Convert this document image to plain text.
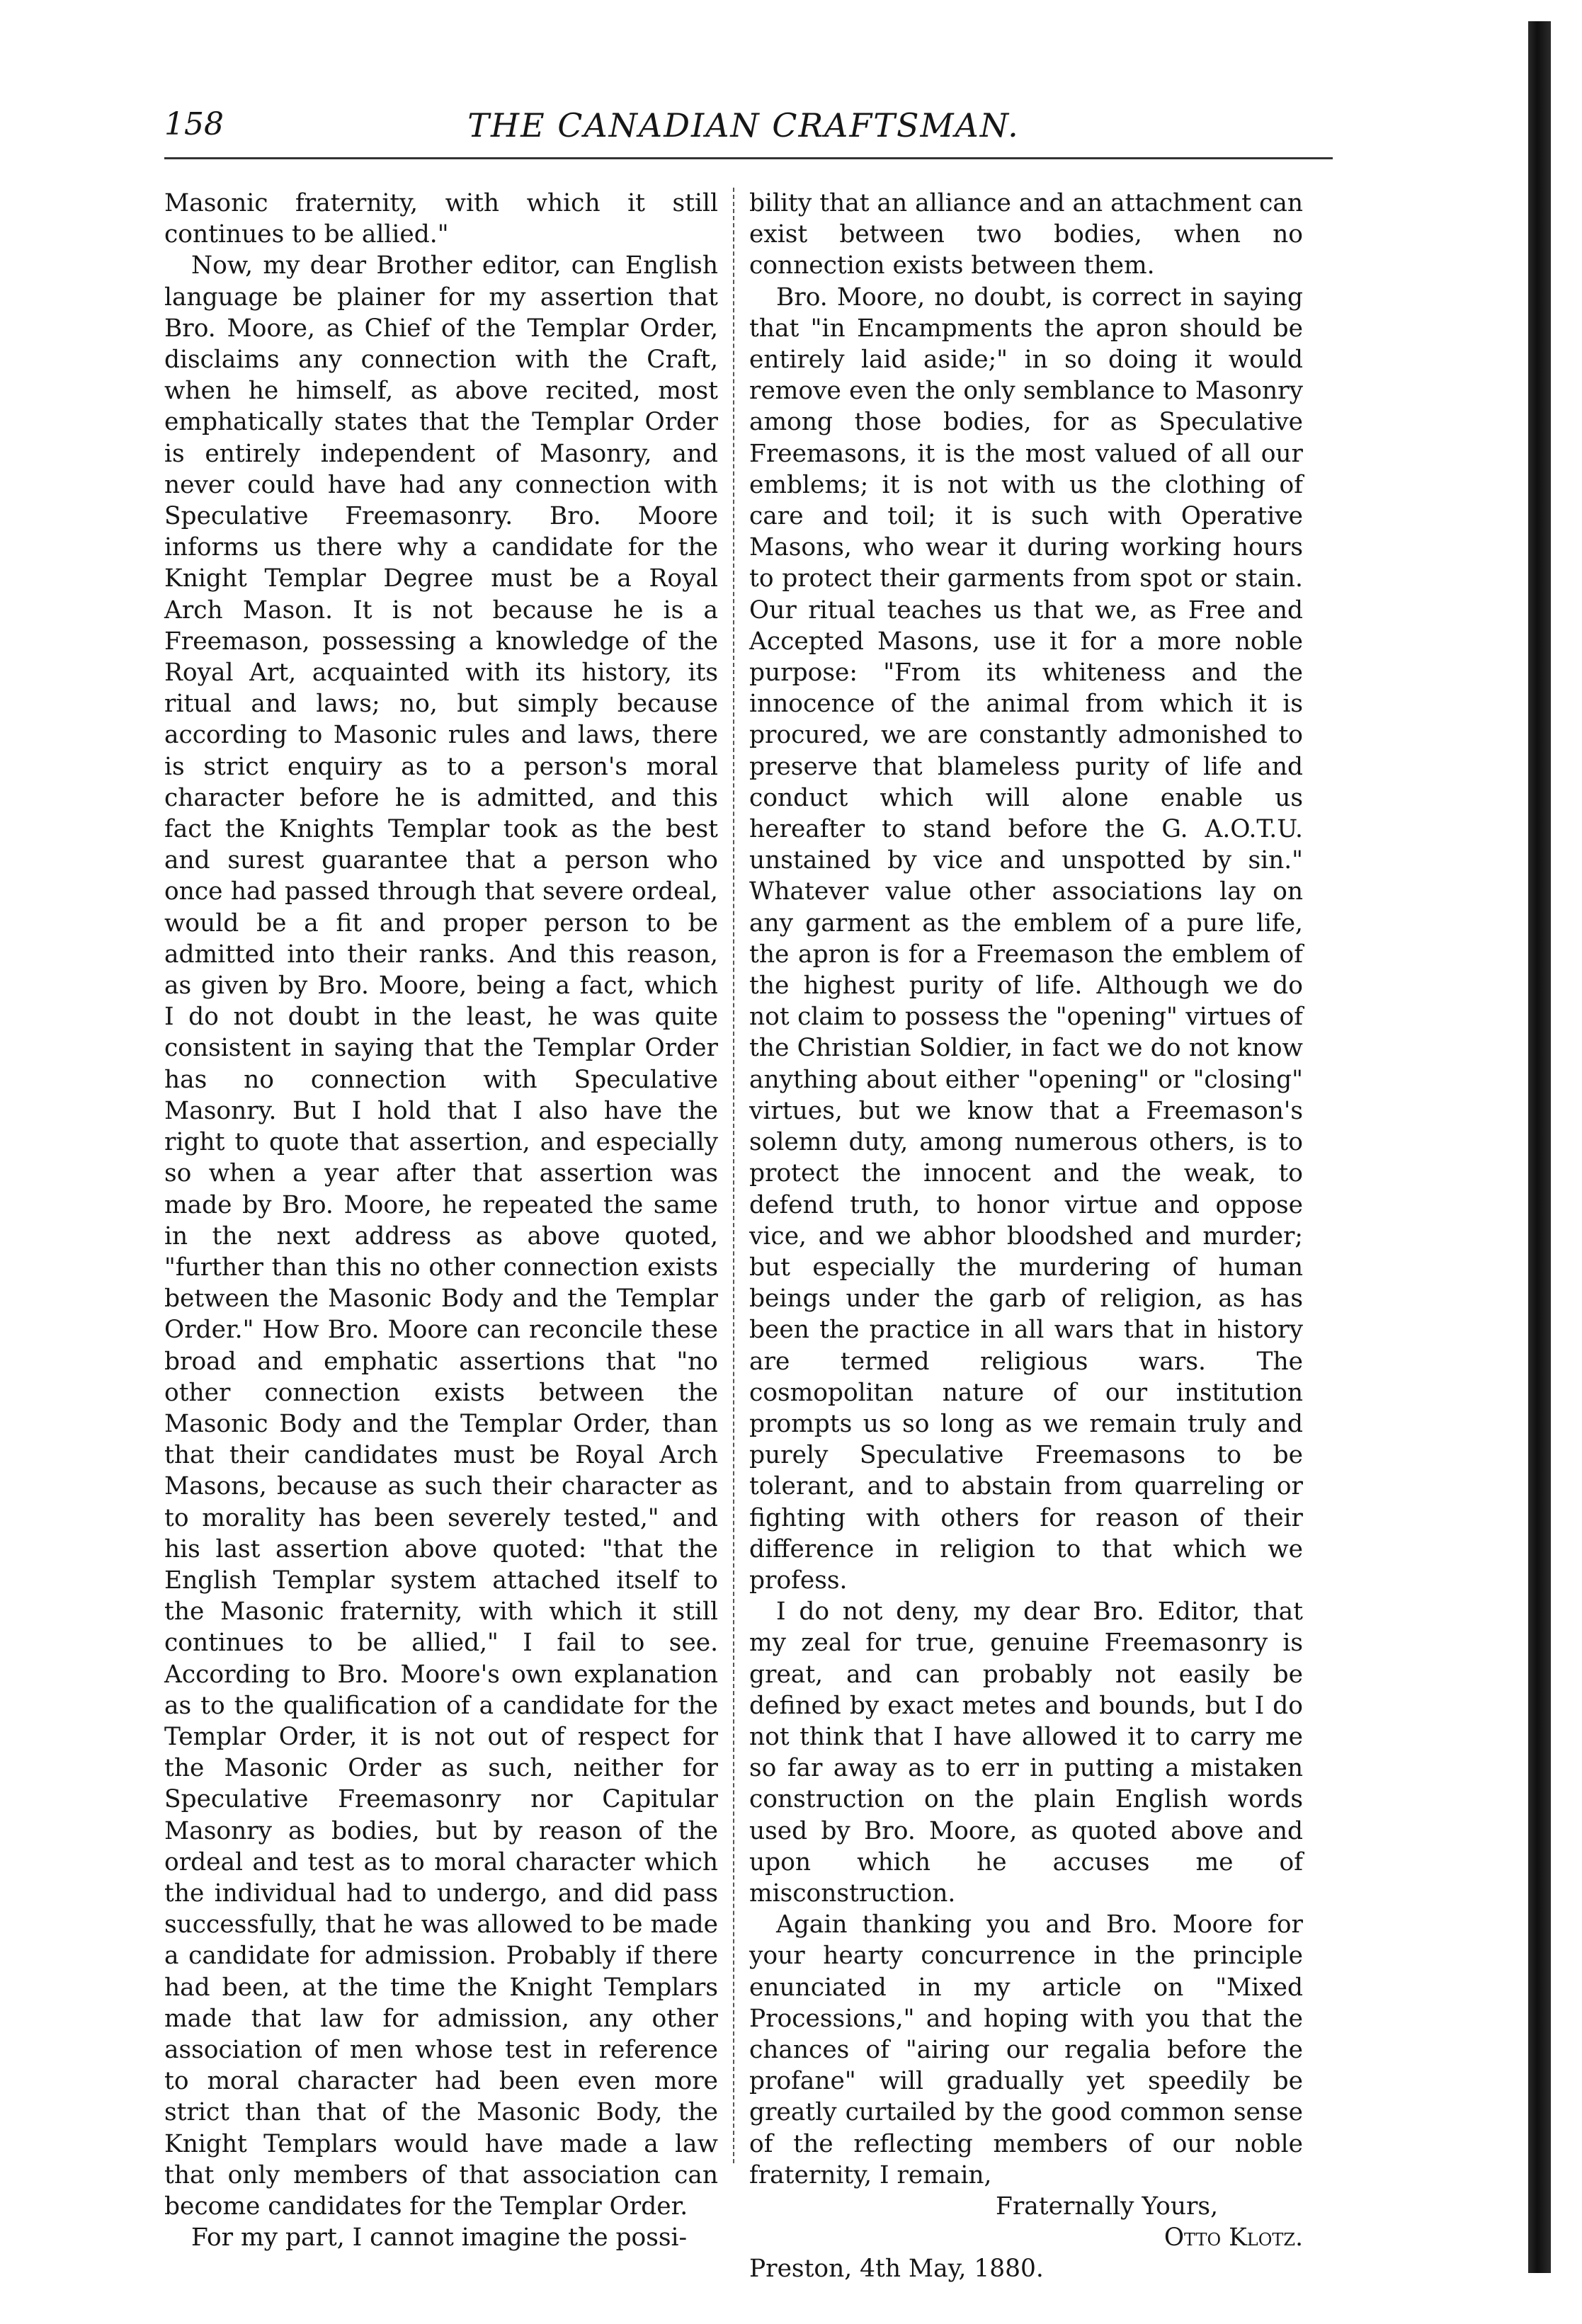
158	THE CANADIAN CRAFTSMAN.

Masonic fraternity, with which it still continues to be allied."

Now, my dear Brother editor, can English language be plainer for my assertion that Bro. Moore, as Chief of the Templar Order, disclaims any connection with the Craft, when he himself, as above recited, most emphatically states that the Templar Order is entirely independent of Masonry, and never could have had any connection with Speculative Freemasonry. Bro. Moore informs us there why a candidate for the Knight Templar Degree must be a Royal Arch Mason. It is not because he is a Freemason, possessing a knowledge of the Royal Art, acquainted with its history, its ritual and laws; no, but simply because according to Masonic rules and laws, there is strict enquiry as to a person's moral character before he is admitted, and this fact the Knights Templar took as the best and surest guarantee that a person who once had passed through that severe ordeal, would be a fit and proper person to be admitted into their ranks. And this reason, as given by Bro. Moore, being a fact, which I do not doubt in the least, he was quite consistent in saying that the Templar Order has no connection with Speculative Masonry. But I hold that I also have the right to quote that assertion, and especially so when a year after that assertion was made by Bro. Moore, he repeated the same in the next address as above quoted, "further than this no other connection exists between the Masonic Body and the Templar Order." How Bro. Moore can reconcile these broad and emphatic assertions that "no other connection exists between the Masonic Body and the Templar Order, than that their candidates must be Royal Arch Masons, because as such their character as to morality has been severely tested," and his last assertion above quoted: "that the English Templar system attached itself to the Masonic fraternity, with which it still continues to be allied," I fail to see. According to Bro. Moore's own explanation as to the qualification of a candidate for the Templar Order, it is not out of respect for the Masonic Order as such, neither for Speculative Freemasonry nor Capitular Masonry as bodies, but by reason of the ordeal and test as to moral character which the individual had to undergo, and did pass successfully, that he was allowed to be made a candidate for admission. Probably if there had been, at the time the Knight Templars made that law for admission, any other association of men whose test in reference to moral character had been even more strict than that of the Masonic Body, the Knight Templars would have made a law that only members of that association can become candidates for the Templar Order.

For my part, I cannot imagine the possi-

bility that an alliance and an attachment can exist between two bodies, when no connection exists between them.

Bro. Moore, no doubt, is correct in saying that "in Encampments the apron should be entirely laid aside;" in so doing it would remove even the only semblance to Masonry among those bodies, for as Speculative Freemasons, it is the most valued of all our emblems; it is not with us the clothing of care and toil; it is such with Operative Masons, who wear it during working hours to protect their garments from spot or stain. Our ritual teaches us that we, as Free and Accepted Masons, use it for a more noble purpose: "From its whiteness and the innocence of the animal from which it is procured, we are constantly admonished to preserve that blameless purity of life and conduct which will alone enable us hereafter to stand before the G. A.O.T.U. unstained by vice and unspotted by sin." Whatever value other associations lay on any garment as the emblem of a pure life, the apron is for a Freemason the emblem of the highest purity of life. Although we do not claim to possess the "opening" virtues of the Christian Soldier, in fact we do not know anything about either "opening" or "closing" virtues, but we know that a Freemason's solemn duty, among numerous others, is to protect the innocent and the weak, to defend truth, to honor virtue and oppose vice, and we abhor bloodshed and murder; but especially the murdering of human beings under the garb of religion, as has been the practice in all wars that in history are termed religious wars. The cosmopolitan nature of our institution prompts us so long as we remain truly and purely Speculative Freemasons to be tolerant, and to abstain from quarreling or fighting with others for reason of their difference in religion to that which we profess.

I do not deny, my dear Bro. Editor, that my zeal for true, genuine Freemasonry is great, and can probably not easily be defined by exact metes and bounds, but I do not think that I have allowed it to carry me so far away as to err in putting a mistaken construction on the plain English words used by Bro. Moore, as quoted above and upon which he accuses me of misconstruction.

Again thanking you and Bro. Moore for your hearty concurrence in the principle enunciated in my article on "Mixed Processions," and hoping with you that the chances of "airing our regalia before the profane" will gradually yet speedily be greatly curtailed by the good common sense of the reflecting members of our noble fraternity, I remain,

Fraternally Yours,

Otto Klotz.

Preston, 4th May, 1880.
